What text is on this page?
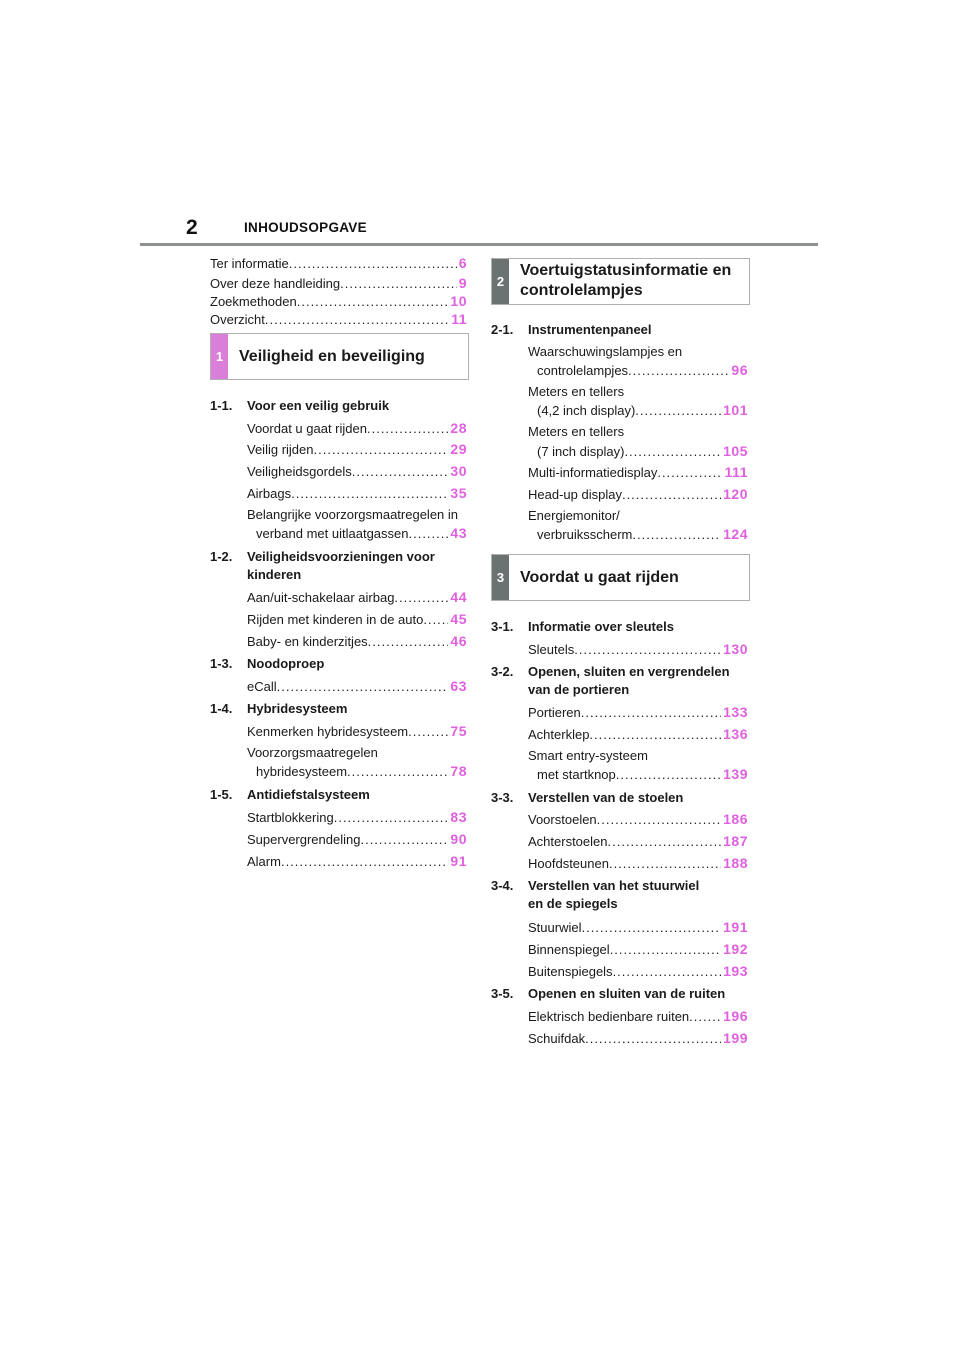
2	INHOUDSOPGAVE
Ter informatie .....	6
Over deze handleiding .....	9
Zoekmethoden .....	10
Overzicht .....	11
1 Veiligheid en beveiliging
1-1. Voor een veilig gebruik
Voordat u gaat rijden .....	28
Veilig rijden .....	29
Veiligheidsgordels .....	30
Airbags .....	35
Belangrijke voorzorgsmaatregelen in
verband met uitlaatgassen .....	43
1-2. Veiligheidsvoorzieningen voor kinderen
Aan/uit-schakelaar airbag .....	44
Rijden met kinderen in de auto ..... 45
Baby- en kinderzitjes .....	46
1-3. Noodoproep
eCall .....	63
1-4. Hybridesysteem
Kenmerken hybridesysteem .....	75
Voorzorgsmaatregelen
hybridesysteem .....	78
1-5. Antidiefstalsysteem
Startblokkering .....	83
Supervergrendeling .....	90
Alarm .....	91
2
Voertuigstatusinformatie en
controlelampjes
2-1. Instrumentenpaneel
Waarschuwingslampjes en
controlelampjes .....	96
Meters en tellers
(4,2 inch display) .....	101
Meters en tellers
(7 inch display) .....	105
Multi-informatiedisplay .....	111
Head-up display .....	120
Energiemonitor/
verbruiksscherm .....	124
3 Voordat u gaat rijden
3-1. Informatie over sleutels
Sleutels .....	130
3-2. Openen, sluiten en vergrendelen van de portieren
Portieren .....	133
Achterklep .....	136
Smart entry-systeem
met startknop .....	139
3-3. Verstellen van de stoelen
Voorstoelen .....	186
Achterstoelen .....	187
Hoofdsteunen .....	188
3-4. Verstellen van het stuurwiel
en de spiegels
Stuurwiel .....	191
Binnenspiegel .....	192
Buitenspiegels .....	193
3-5. Openen en sluiten van de ruiten
Elektrisch bedienbare ruiten ..... 196
Schuifdak .....	199
